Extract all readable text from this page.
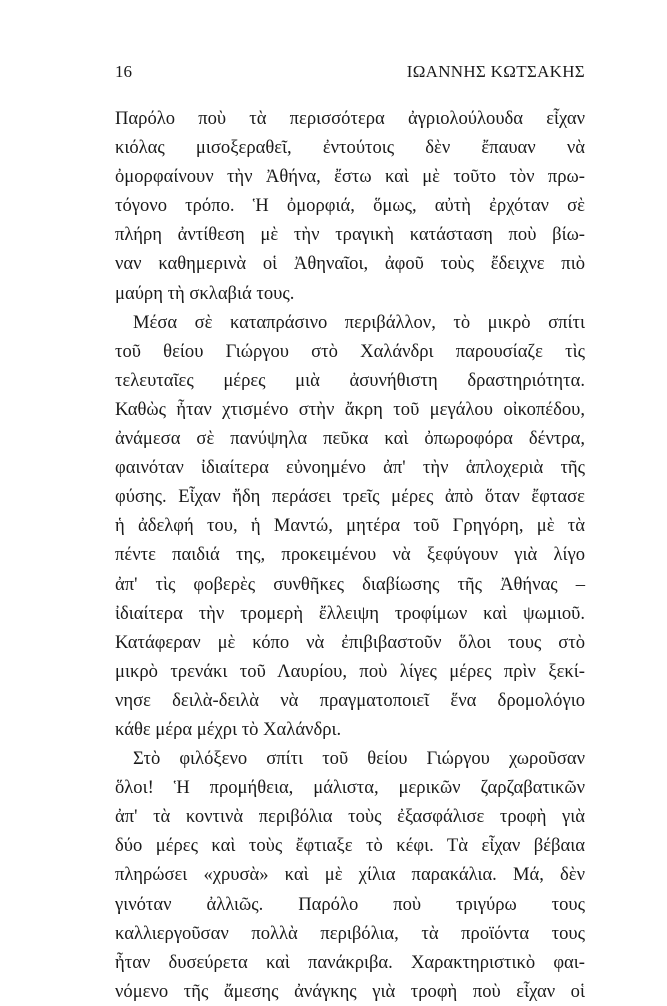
16	ΙΩΑΝΝΗΣ ΚΩΤΣΑΚΗΣ
Παρόλο ποὺ τὰ περισσότερα ἀγριολούλουδα εἶχαν
κιόλας μισοξεραθεῖ, ἐντούτοις δὲν ἔπαυαν νὰ
ὀμορφαίνουν τὴν Ἀθήνα, ἔστω καὶ μὲ τοῦτο τὸν πρω-
τόγονο τρόπο. Ἡ ὀμορφιά, ὅμως, αὐτὴ ἐρχόταν σὲ
πλήρη ἀντίθεση μὲ τὴν τραγικὴ κατάσταση ποὺ βίω-
ναν καθημερινὰ οἱ Ἀθηναῖοι, ἀφοῦ τοὺς ἔδειχνε πιὸ
μαύρη τὴ σκλαβιά τους.
Μέσα σὲ καταπράσινο περιβάλλον, τὸ μικρὸ σπίτι
τοῦ θείου Γιώργου στὸ Χαλάνδρι παρουσίαζε τὶς
τελευταῖες μέρες μιὰ ἀσυνήθιστη δραστηριότητα.
Καθὼς ἦταν χτισμένο στὴν ἄκρη τοῦ μεγάλου οἰκοπέδου,
ἀνάμεσα σὲ πανύψηλα πεῦκα καὶ ὀπωροφόρα δέντρα,
φαινόταν ἰδιαίτερα εὐνοημένο ἀπ' τὴν ἁπλοχεριὰ τῆς
φύσης. Εἶχαν ἤδη περάσει τρεῖς μέρες ἀπὸ ὅταν ἔφτασε
ἡ ἀδελφή του, ἡ Μαντώ, μητέρα τοῦ Γρηγόρη, μὲ τὰ
πέντε παιδιά της, προκειμένου νὰ ξεφύγουν γιὰ λίγο
ἀπ' τὶς φοβερὲς συνθῆκες διαβίωσης τῆς Ἀθήνας –
ἰδιαίτερα τὴν τρομερὴ ἔλλειψη τροφίμων καὶ ψωμιοῦ.
Κατάφεραν μὲ κόπο νὰ ἐπιβιβαστοῦν ὅλοι τους στὸ
μικρὸ τρενάκι τοῦ Λαυρίου, ποὺ λίγες μέρες πρὶν ξεκί-
νησε δειλὰ-δειλὰ νὰ πραγματοποιεῖ ἕνα δρομολόγιο
κάθε μέρα μέχρι τὸ Χαλάνδρι.
Στὸ φιλόξενο σπίτι τοῦ θείου Γιώργου χωροῦσαν
ὅλοι! Ἡ προμήθεια, μάλιστα, μερικῶν ζαρζαβατικῶν
ἀπ' τὰ κοντινὰ περιβόλια τοὺς ἐξασφάλισε τροφὴ γιὰ
δύο μέρες καὶ τοὺς ἔφτιαξε τὸ κέφι. Τὰ εἶχαν βέβαια
πληρώσει «χρυσὰ» καὶ μὲ χίλια παρακάλια. Μά, δὲν
γινόταν ἀλλιῶς. Παρόλο ποὺ τριγύρω τους
καλλιεργοῦσαν πολλὰ περιβόλια, τὰ προϊόντα τους
ἦταν δυσεύρετα καὶ πανάκριβα. Χαρακτηριστικὸ φαι-
νόμενο τῆς ἄμεσης ἀνάγκης γιὰ τροφὴ ποὺ εἶχαν οἱ
